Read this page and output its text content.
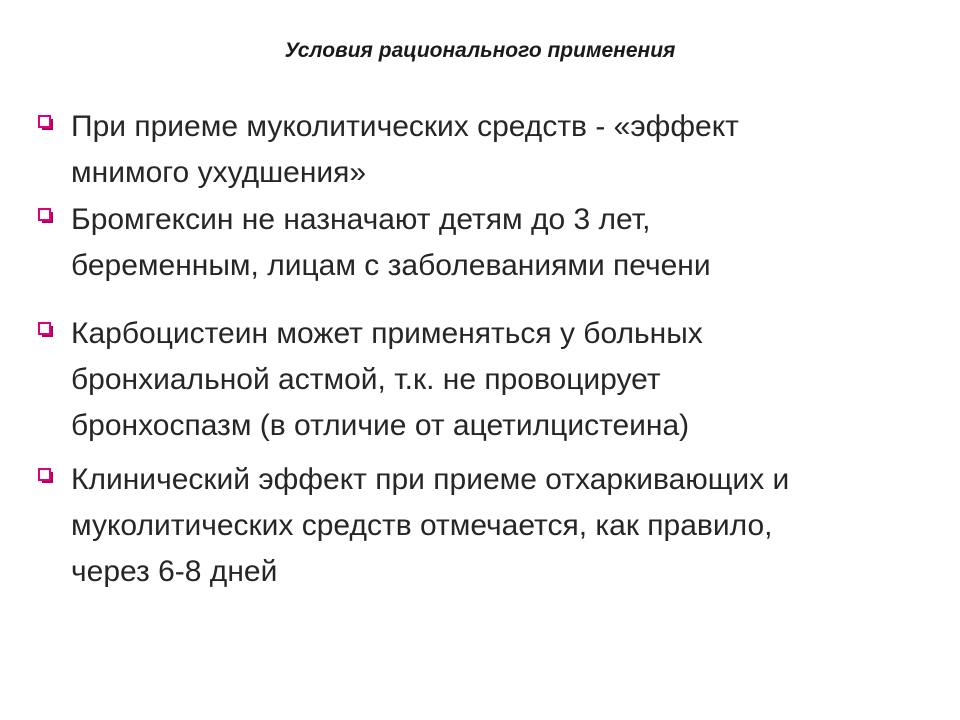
Условия рационального применения
При приеме муколитических средств - «эффект
мнимого ухудшения»
Бромгексин не назначают детям до 3 лет,
беременным, лицам с заболеваниями печени
Карбоцистеин может применяться у больных
бронхиальной астмой, т.к. не провоцирует
бронхоспазм (в отличие от ацетилцистеина)
Клинический эффект при приеме отхаркивающих и
муколитических средств отмечается, как правило,
через 6-8 дней
